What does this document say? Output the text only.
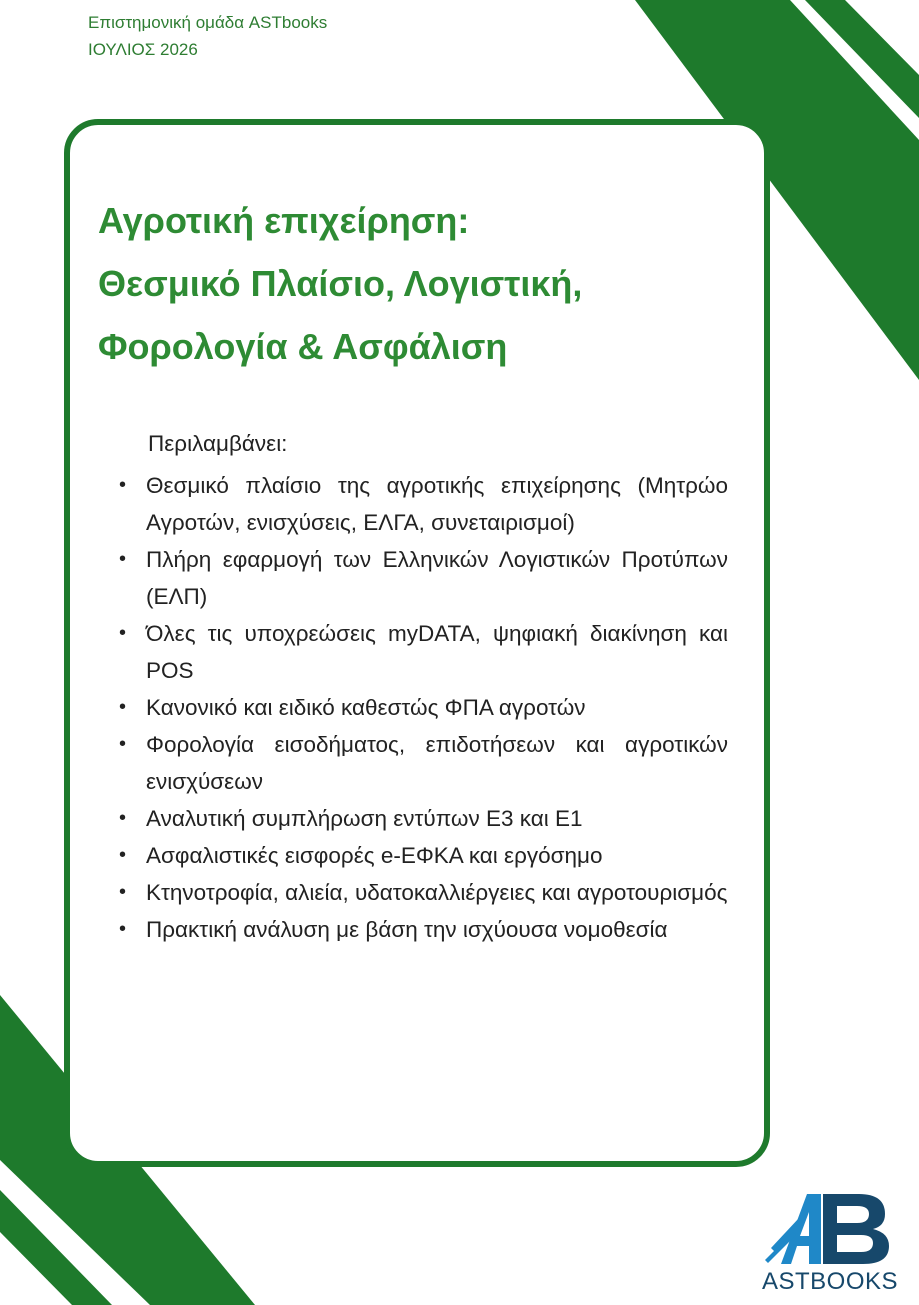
Επιστημονική ομάδα ASTbooks
ΙΟΥΛΙΟΣ 2026
Αγροτική επιχείρηση:
Θεσμικό Πλαίσιο, Λογιστική,
Φορολογία & Ασφάλιση

Περιλαμβάνει:

• Θεσμικό πλαίσιο της αγροτικής επιχείρησης (Μητρώο Αγροτών, ενισχύσεις, ΕΛΓΑ, συνεταιρισμοί)
• Πλήρη εφαρμογή των Ελληνικών Λογιστικών Προτύπων (ΕΛΠ)
• Όλες τις υποχρεώσεις myDATA, ψηφιακή διακίνηση και POS
• Κανονικό και ειδικό καθεστώς ΦΠΑ αγροτών
• Φορολογία εισοδήματος, επιδοτήσεων και αγροτικών ενισχύσεων
• Αναλυτική συμπλήρωση εντύπων Ε3 και Ε1
• Ασφαλιστικές εισφορές e-ΕΦΚΑ και εργόσημο
• Κτηνοτροφία, αλιεία, υδατοκαλλιέργειες και αγροτουρισμός
• Πρακτική ανάλυση με βάση την ισχύουσα νομοθεσία
ASTBOOKS
